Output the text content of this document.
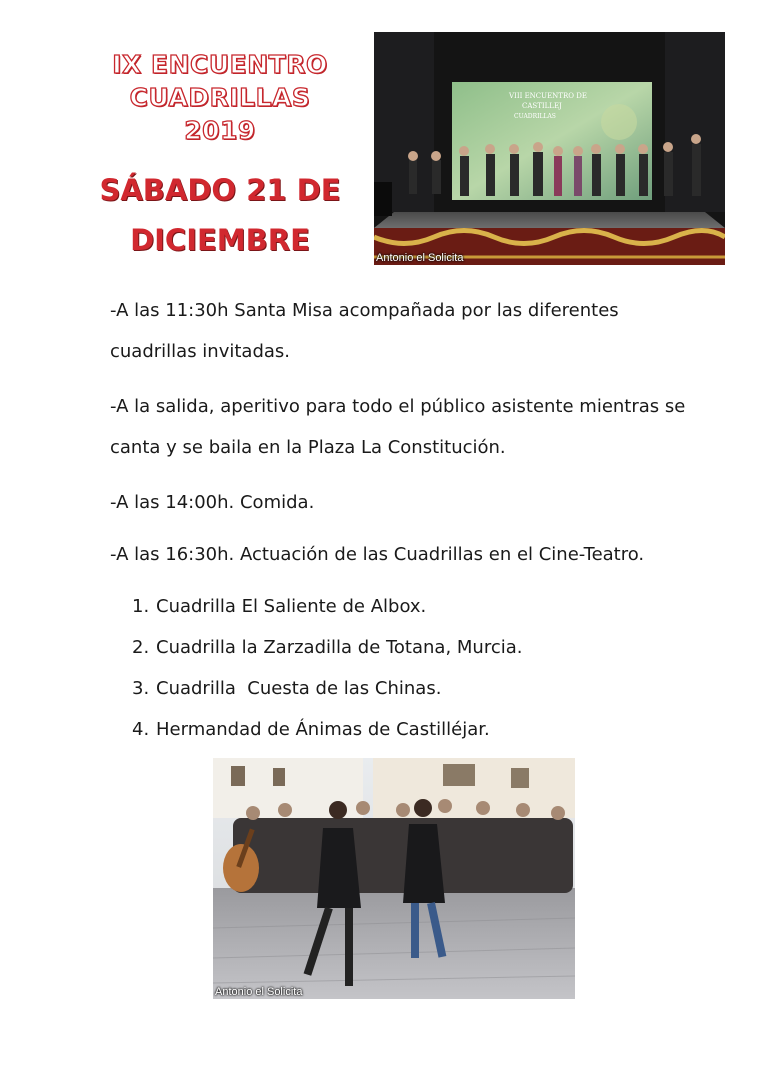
IX ENCUENTRO
CUADRILLAS 2019
SÁBADO 21 DE
DICIEMBRE
VIII ENCUENTRO DE
CASTILLEJ
CUADRILLAS
Antonio el Solicita
-A las 11:30h Santa Misa acompañada por las diferentes cuadrillas invitadas.
-A la salida, aperitivo para todo el público asistente mientras se canta y se baila en la Plaza La Constitución.
-A las 14:00h. Comida.
-A las 16:30h. Actuación de las Cuadrillas en el Cine-Teatro.
1. Cuadrilla El Saliente de Albox.
2. Cuadrilla la Zarzadilla de Totana, Murcia.
3. Cuadrilla  Cuesta de las Chinas.
4. Hermandad de Ánimas de Castilléjar.
Antonio el Solicita
